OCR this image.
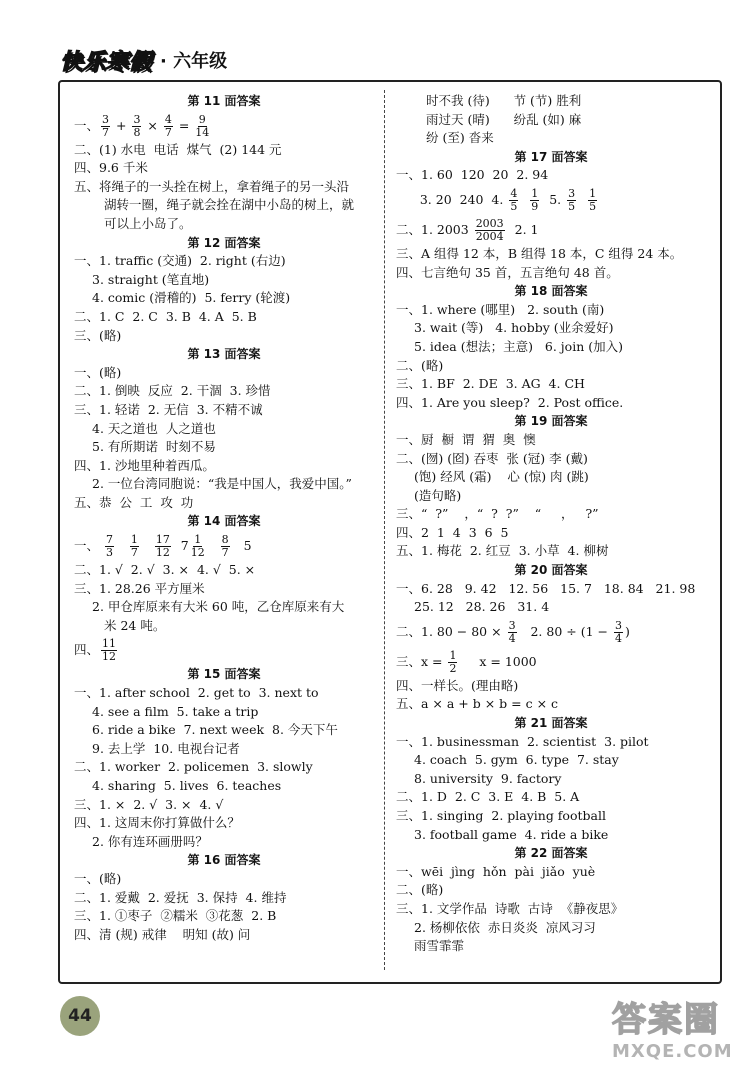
快乐寒假 · 六年级
第 11 面答案
一、 $\frac{3}{7} + \frac{3}{8} \times \frac{4}{7} = \frac{9}{14}$
二、(1) 水电  电话  煤气  (2) 144 元
四、9.6 千米
五、将绳子的一头拴在树上，拿着绳子的另一头沿
湖转一圈，绳子就会拴在湖中小岛的树上，就
可以上小岛了。
第 12 面答案
一、1. traffic (交通)  2. right (右边)
3. straight (笔直地)
4. comic (滑稽的)  5. ferry (轮渡)
二、1. C  2. C  3. B  4. A  5. B
三、(略)
第 13 面答案
一、(略)
二、1. 倒映  反应  2. 干涸  3. 珍惜
三、1. 轻诺  2. 无信  3. 不精不诚
4. 天之道也  人之道也
5. 有所期诺  时刻不易
四、1. 沙地里种着西瓜。
2. 一位台湾同胞说：“我是中国人，我爱中国。”
五、恭  公  工  攻  功
第 14 面答案
一、 $\frac{7}{3}$
$\frac{1}{7}$
$\frac{17}{12} 7 \frac{1}{12}$
$\frac{8}{7} 5$
二、1. √  2. √  3. ×  4. √  5. ×
三、1. 28.26 平方厘米
2. 甲仓库原来有大米 60 吨，乙仓库原来有大
米 24 吨。
四、 $\frac{11}{12}$
第 15 面答案
一、1. after school  2. get to  3. next to
4. see a film  5. take a trip
6. ride a bike  7. next week  8. 今天下午
9. 去上学  10. 电视台记者
二、1. worker  2. policemen  3. slowly
4. sharing  5. lives  6. teaches
三、1. ×  2. √  3. ×  4. √
四、1. 这周末你打算做什么？
2. 你有连环画册吗？
第 16 面答案
一、(略)
二、1. 爱戴  2. 爱抚  3. 保持  4. 维持
三、1. ①枣子  ②糯米  ③花葱  2. B
四、清 (规) 戒律    明知 (故) 问
时不我 (待)      节 (节) 胜利
雨过天 (晴)      纷乱 (如) 麻
纷 (至) 沓来
第 17 面答案
一、1. 60  120  20  2. 94
3. 20  240  4. $\frac{4}{5}$
$\frac{1}{9} 5$. $\frac{3}{5}$
$\frac{1}{5}$
二、1. $2003 \frac{2003}{2004} 2$. 1
三、A 组得 12 本，B 组得 18 本，C 组得 24 本。
四、七言绝句 35 首，五言绝句 48 首。
第 18 面答案
一、1. where (哪里)   2. south (南)
3. wait (等)   4. hobby (业余爱好)
5. idea (想法；主意)   6. join (加入)
二、(略)
三、1. BF  2. DE  3. AG  4. CH
四、1. Are you sleep?  2. Post office.
第 19 面答案
一、厨  橱  谓  猬  奥  懊
二、(囫) (囵) 吞枣  张 (冠) 李 (戴)
(饱) 经风 (霜)    心 (惊) 肉 (跳)
(造句略)
三、“  ?”    ，“  ?  ?”    “     ，   ?”
四、2  1  4  3  6  5
五、1. 梅花  2. 红豆  3. 小草  4. 柳树
第 20 面答案
一、6. 28   9. 42   12. 56   15. 7   18. 84   21. 98
25. 12   28. 26   31. 4
二、1. $80 - 80 \times \frac{3}{4} 2$. $80 \div (1 - \frac{3}{4}$ )
三、$x = \frac{1}{2}$ x = 1000
四、一样长。(理由略)
五、a × a + b × b = c × c
第 21 面答案
一、1. businessman  2. scientist  3. pilot
4. coach  5. gym  6. type  7. stay
8. university  9. factory
二、1. D  2. C  3. E  4. B  5. A
三、1. singing  2. playing football
3. football game  4. ride a bike
第 22 面答案
一、wēi  jìng  hǒn  pài  jiǎo  yuè
二、(略)
三、1. 文学作品  诗歌  古诗  《静夜思》
2. 杨柳依依  赤日炎炎  凉风习习
雨雪霏霏
44	答案圈
MXQE.COM
